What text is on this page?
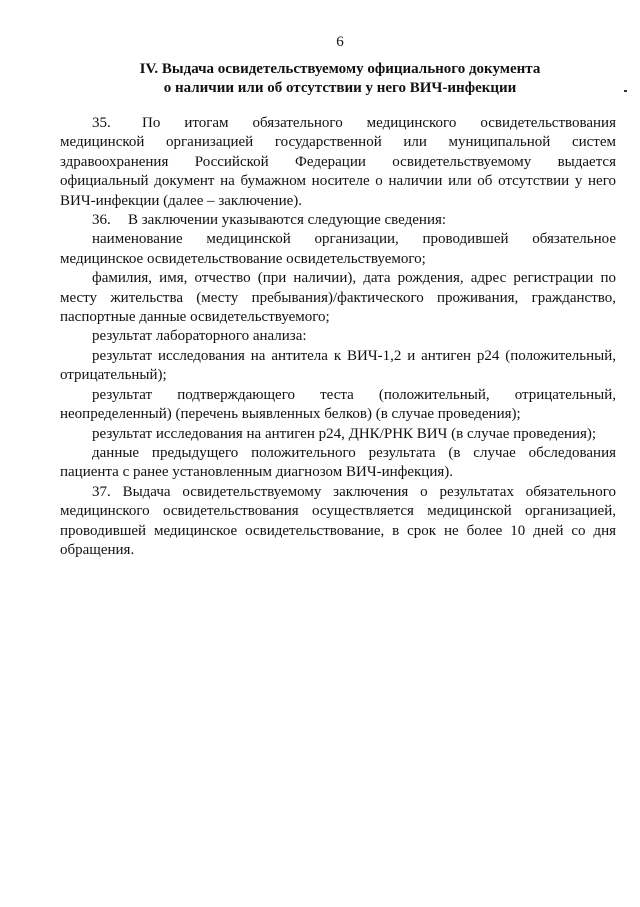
6
IV. Выдача освидетельствуемому официального документа
о наличии или об отсутствии у него ВИЧ-инфекции

35. По итогам обязательного медицинского освидетельствования медицинской организацией государственной или муниципальной систем здравоохранения Российской Федерации освидетельствуемому выдается официальный документ на бумажном носителе о наличии или об отсутствии у него ВИЧ-инфекции (далее – заключение).

36. В заключении указываются следующие сведения:

наименование медицинской организации, проводившей обязательное медицинское освидетельствование освидетельствуемого;

фамилия, имя, отчество (при наличии), дата рождения, адрес регистрации по месту жительства (месту пребывания)/фактического проживания, гражданство, паспортные данные освидетельствуемого;

результат лабораторного анализа:

результат исследования на антитела к ВИЧ-1,2 и антиген р24 (положительный, отрицательный);

результат подтверждающего теста (положительный, отрицательный, неопределенный) (перечень выявленных белков) (в случае проведения);

результат исследования на антиген р24, ДНК/РНК ВИЧ (в случае проведения);

данные предыдущего положительного результата (в случае обследования пациента с ранее установленным диагнозом ВИЧ-инфекция).

37. Выдача освидетельствуемому заключения о результатах обязательного медицинского освидетельствования осуществляется медицинской организацией, проводившей медицинское освидетельствование, в срок не более 10 дней со дня обращения.
